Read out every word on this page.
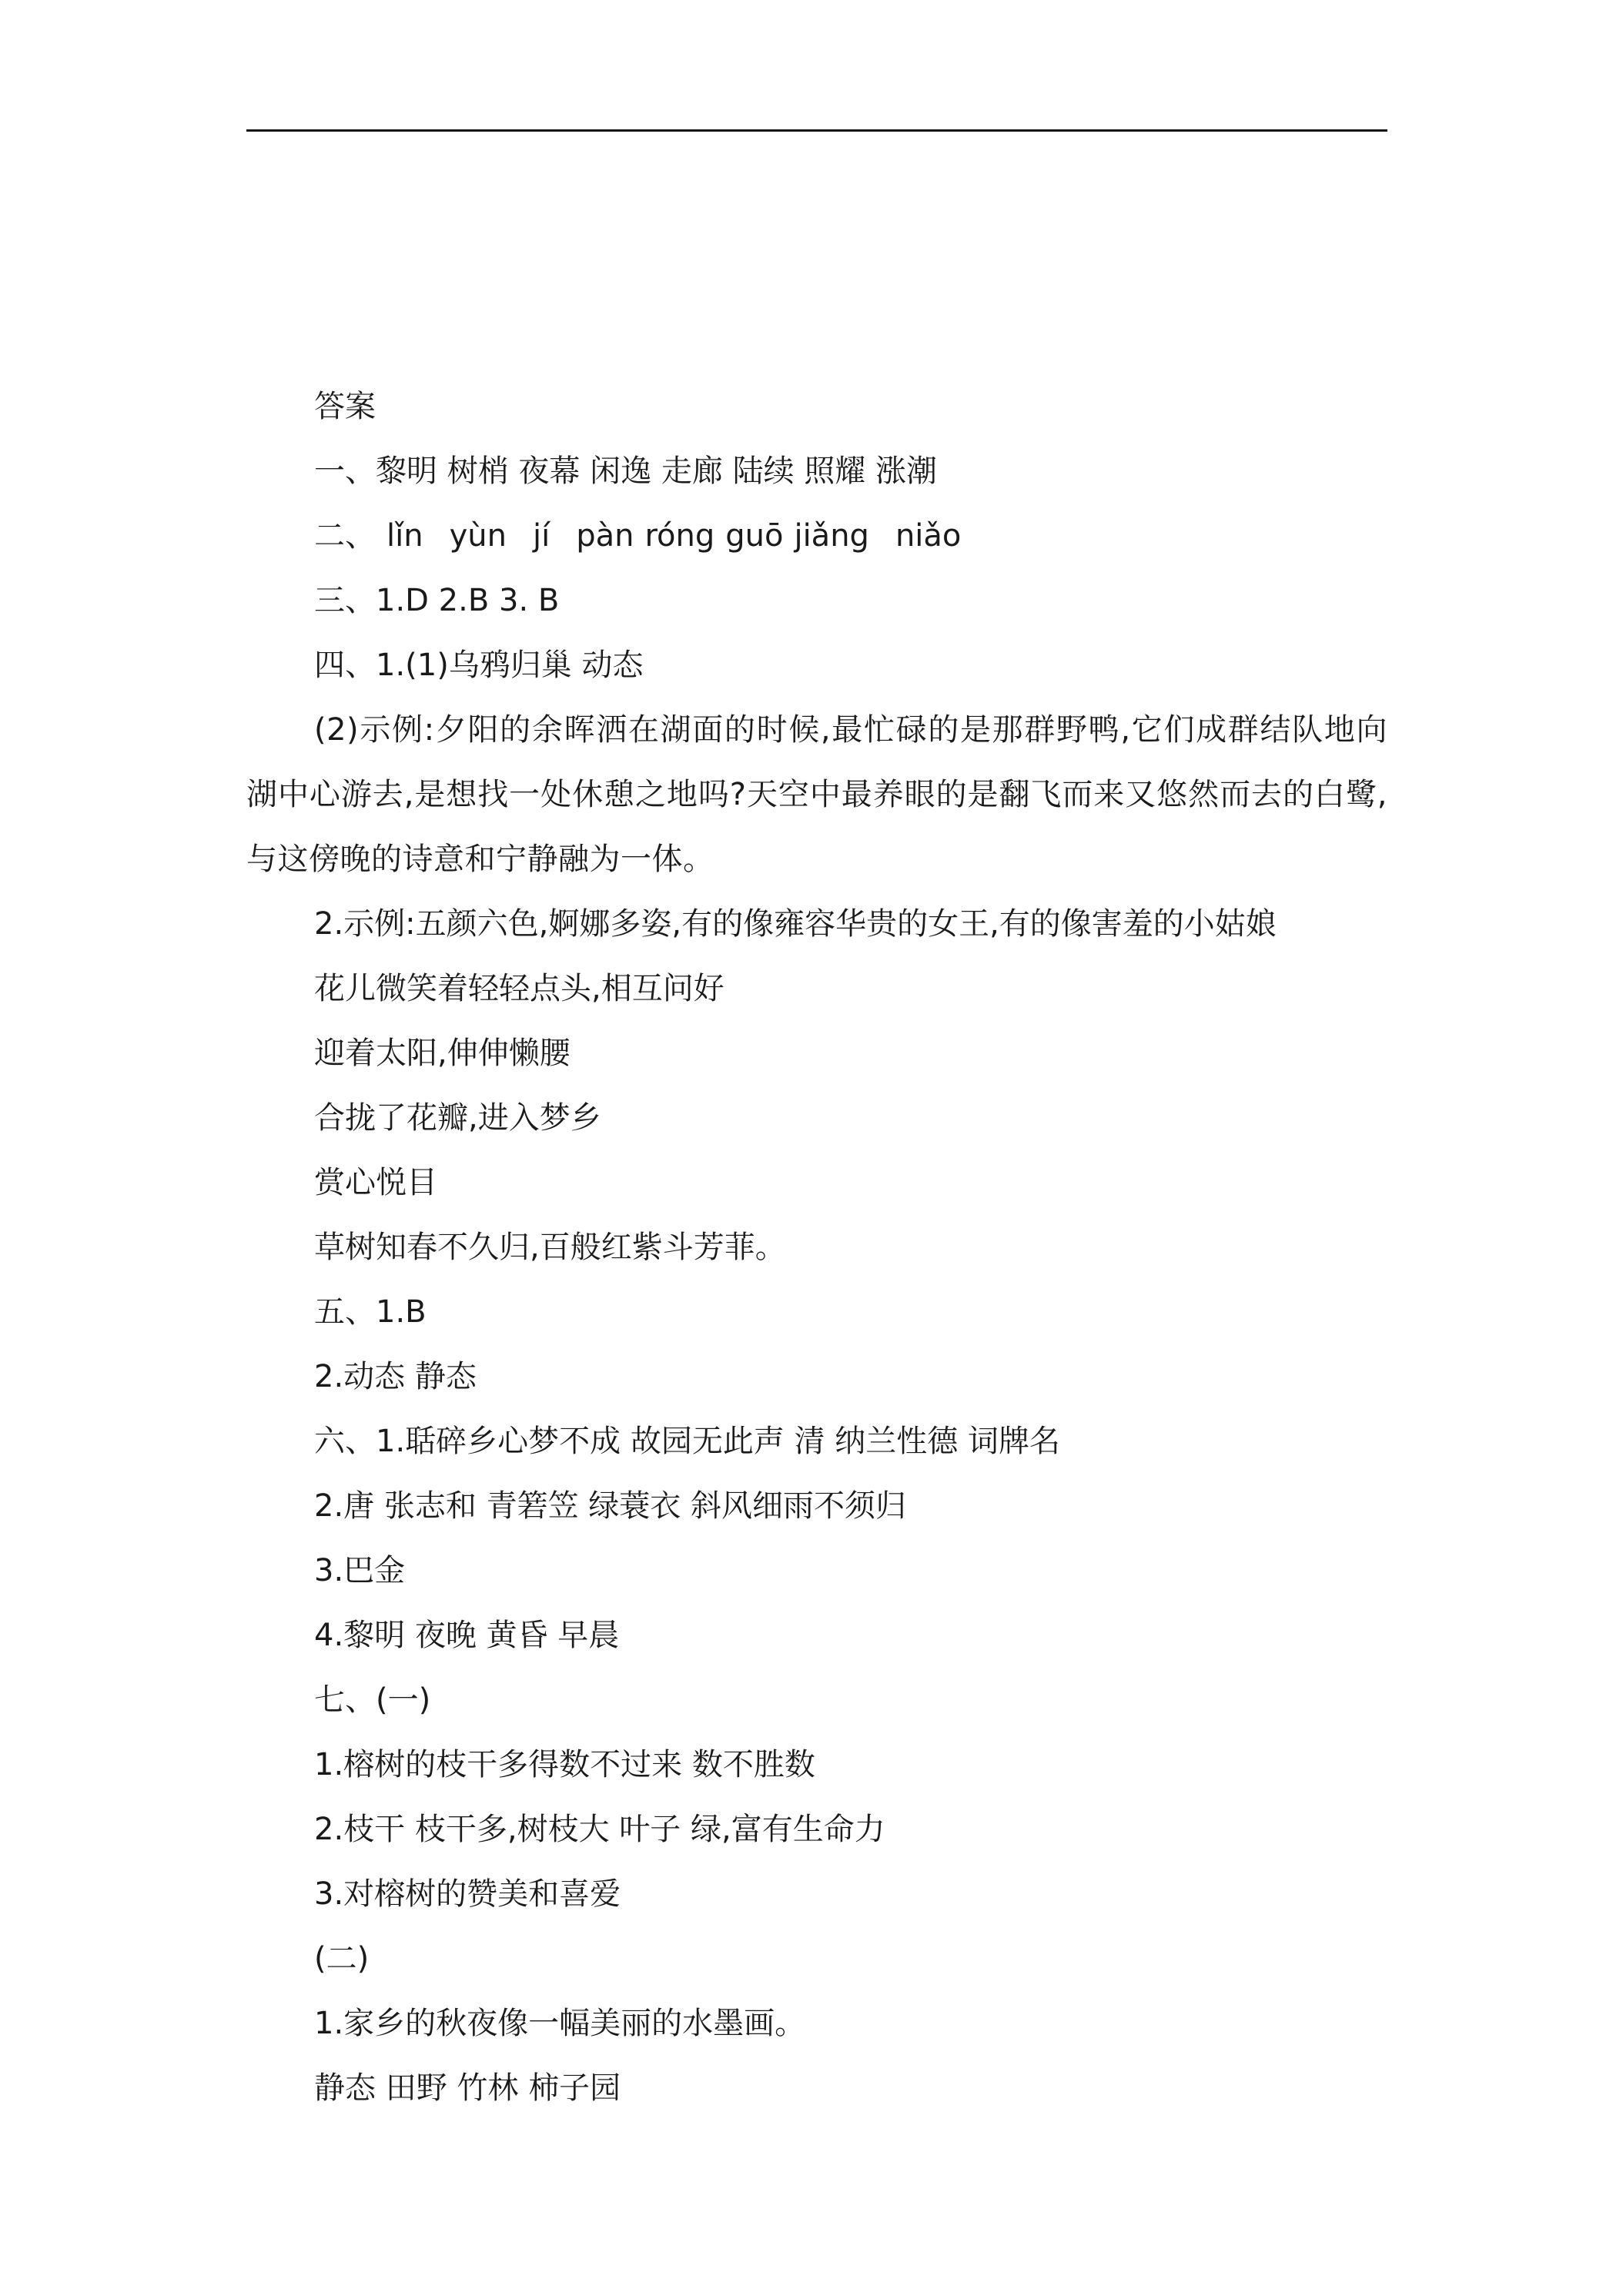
答案
一、黎明 树梢 夜幕 闲逸 走廊 陆续 照耀 涨潮
二、 lǐn yùn jí pàn róng guō jiǎng niǎo
三、1.D 2.B 3. B
四、1.(1)乌鸦归巢 动态
(2)示例:夕阳的余晖洒在湖面的时候,最忙碌的是那群野鸭,它们成群结队地向湖中心游去,是想找一处休憩之地吗?天空中最养眼的是翻飞而来又悠然而去的白鹭,与这傍晚的诗意和宁静融为一体。
2.示例:五颜六色,婀娜多姿,有的像雍容华贵的女王,有的像害羞的小姑娘
花儿微笑着轻轻点头,相互问好
迎着太阳,伸伸懒腰
合拢了花瓣,进入梦乡
赏心悦目
草树知春不久归,百般红紫斗芳菲。
五、1.B
2.动态 静态
六、1.聒碎乡心梦不成 故园无此声 清 纳兰性德 词牌名
2.唐 张志和 青箬笠 绿蓑衣 斜风细雨不须归
3.巴金
4.黎明 夜晚 黄昏 早晨
七、(一)
1.榕树的枝干多得数不过来 数不胜数
2.枝干 枝干多,树枝大 叶子 绿,富有生命力
3.对榕树的赞美和喜爱
(二)
1.家乡的秋夜像一幅美丽的水墨画。
静态 田野 竹林 柿子园
